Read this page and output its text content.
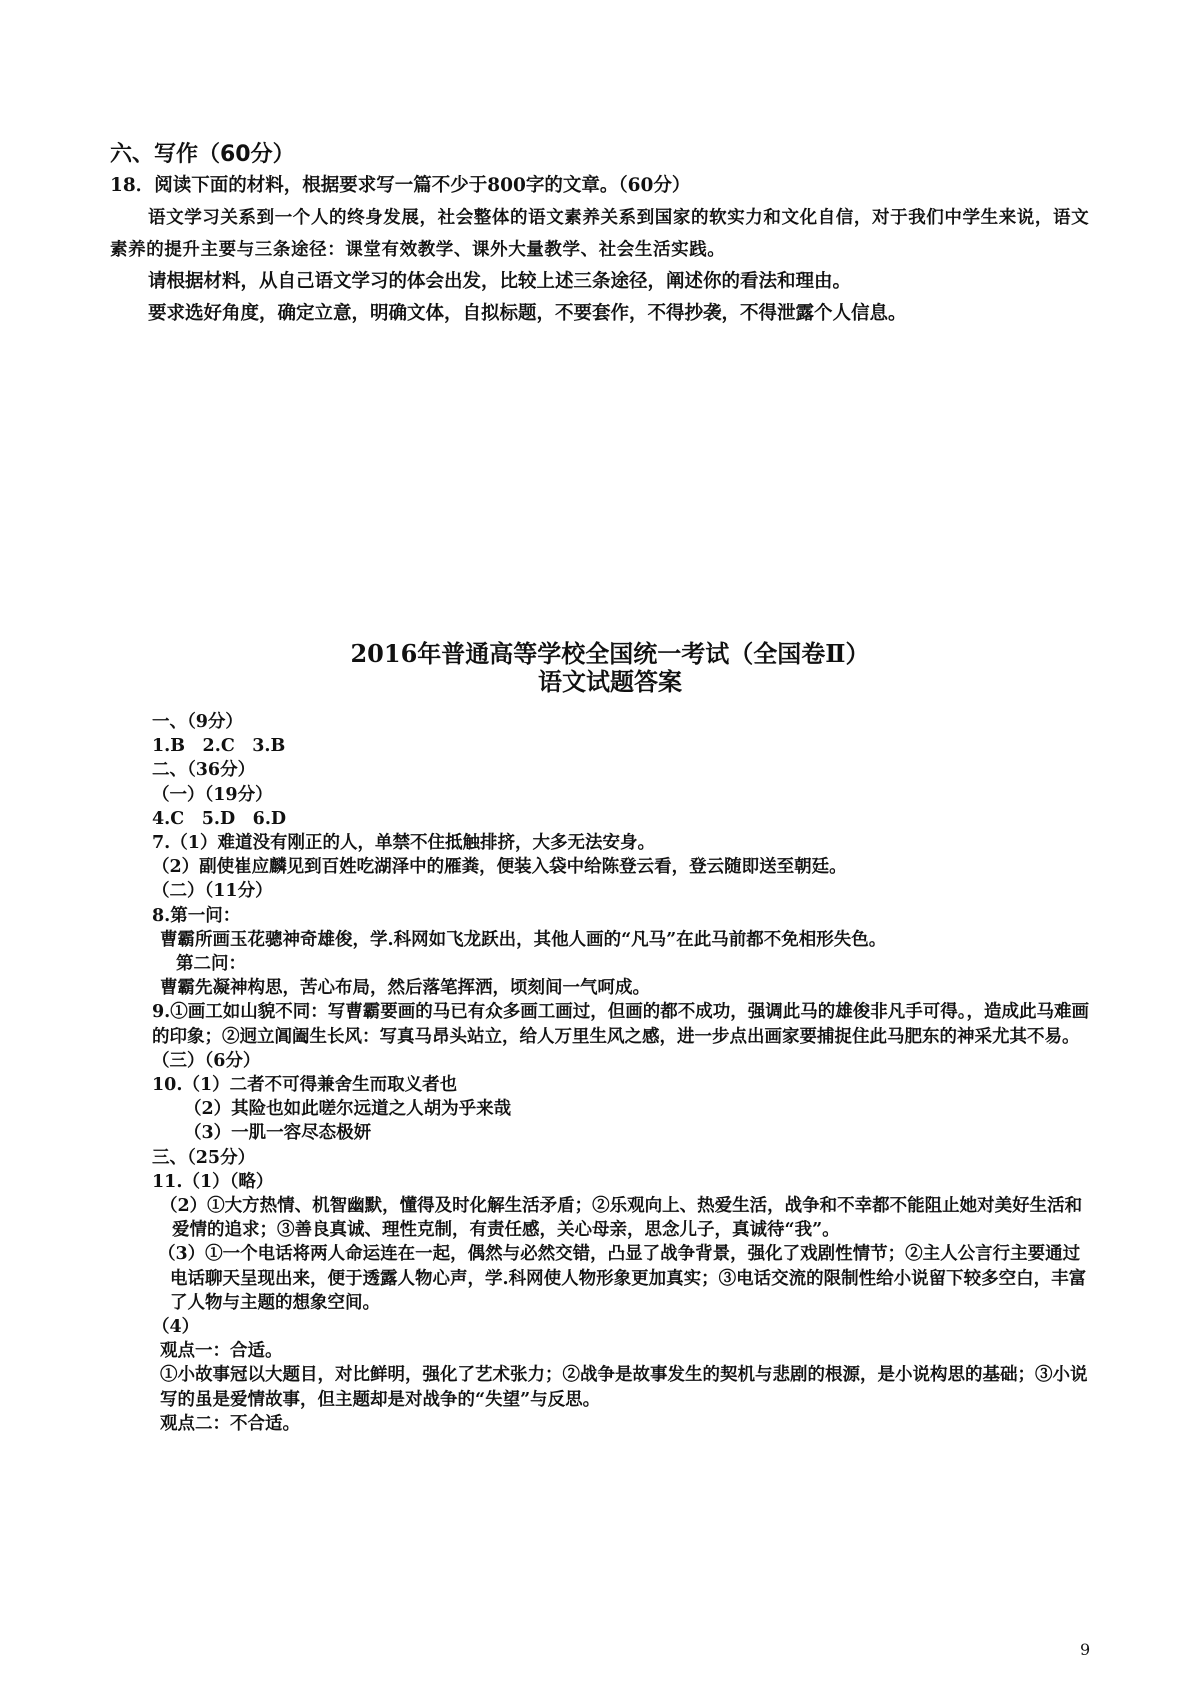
六、写作（60分）

18．阅读下面的材料，根据要求写一篇不少于800字的文章。（60分）

语文学习关系到一个人的终身发展，社会整体的语文素养关系到国家的软实力和文化自信，对于我们中学生来说，语文素养的提升主要与三条途径：课堂有效教学、课外大量教学、社会生活实践。

请根据材料，从自己语文学习的体会出发，比较上述三条途径，阐述你的看法和理由。

要求选好角度，确定立意，明确文体，自拟标题，不要套作，不得抄袭，不得泄露个人信息。

2016年普通高等学校全国统一考试（全国卷Ⅱ）
语文试题答案

一、（9分）

1.B　2.C　3.B

二、（36分）

（一）（19分）

4.C　5.D　6.D

7.（1）难道没有刚正的人，单禁不住抵触排挤，大多无法安身。

（2）副使崔应麟见到百姓吃湖泽中的雁粪，便装入袋中给陈登云看，登云随即送至朝廷。

（二）（11分）

8.第一问：

曹霸所画玉花骢神奇雄俊，学.科网如飞龙跃出，其他人画的“凡马”在此马前都不免相形失色。

第二问：

曹霸先凝神构思，苦心布局，然后落笔挥洒，顷刻间一气呵成。

9.①画工如山貌不同：写曹霸要画的马已有众多画工画过，但画的都不成功，强调此马的雄俊非凡手可得。，造成此马难画的印象；②迥立阊阖生长风：写真马昂头站立，给人万里生风之感，进一步点出画家要捕捉住此马肥东的神采尤其不易。

（三）（6分）

10.（1）二者不可得兼舍生而取义者也

（2）其险也如此嗟尔远道之人胡为乎来哉

（3）一肌一容尽态极妍

三、（25分）

11.（1）（略）

（2）①大方热情、机智幽默，懂得及时化解生活矛盾；②乐观向上、热爱生活，战争和不幸都不能阻止她对美好生活和爱情的追求；③善良真诚、理性克制，有责任感，关心母亲，思念儿子，真诚待“我”。

（3）①一个电话将两人命运连在一起，偶然与必然交错，凸显了战争背景，强化了戏剧性情节；②主人公言行主要通过电话聊天呈现出来，便于透露人物心声，学.科网使人物形象更加真实；③电话交流的限制性给小说留下较多空白，丰富了人物与主题的想象空间。

（4）

观点一：合适。

①小故事冠以大题目，对比鲜明，强化了艺术张力；②战争是故事发生的契机与悲剧的根源，是小说构思的基础；③小说写的虽是爱情故事，但主题却是对战争的“失望”与反思。

观点二：不合适。

9
